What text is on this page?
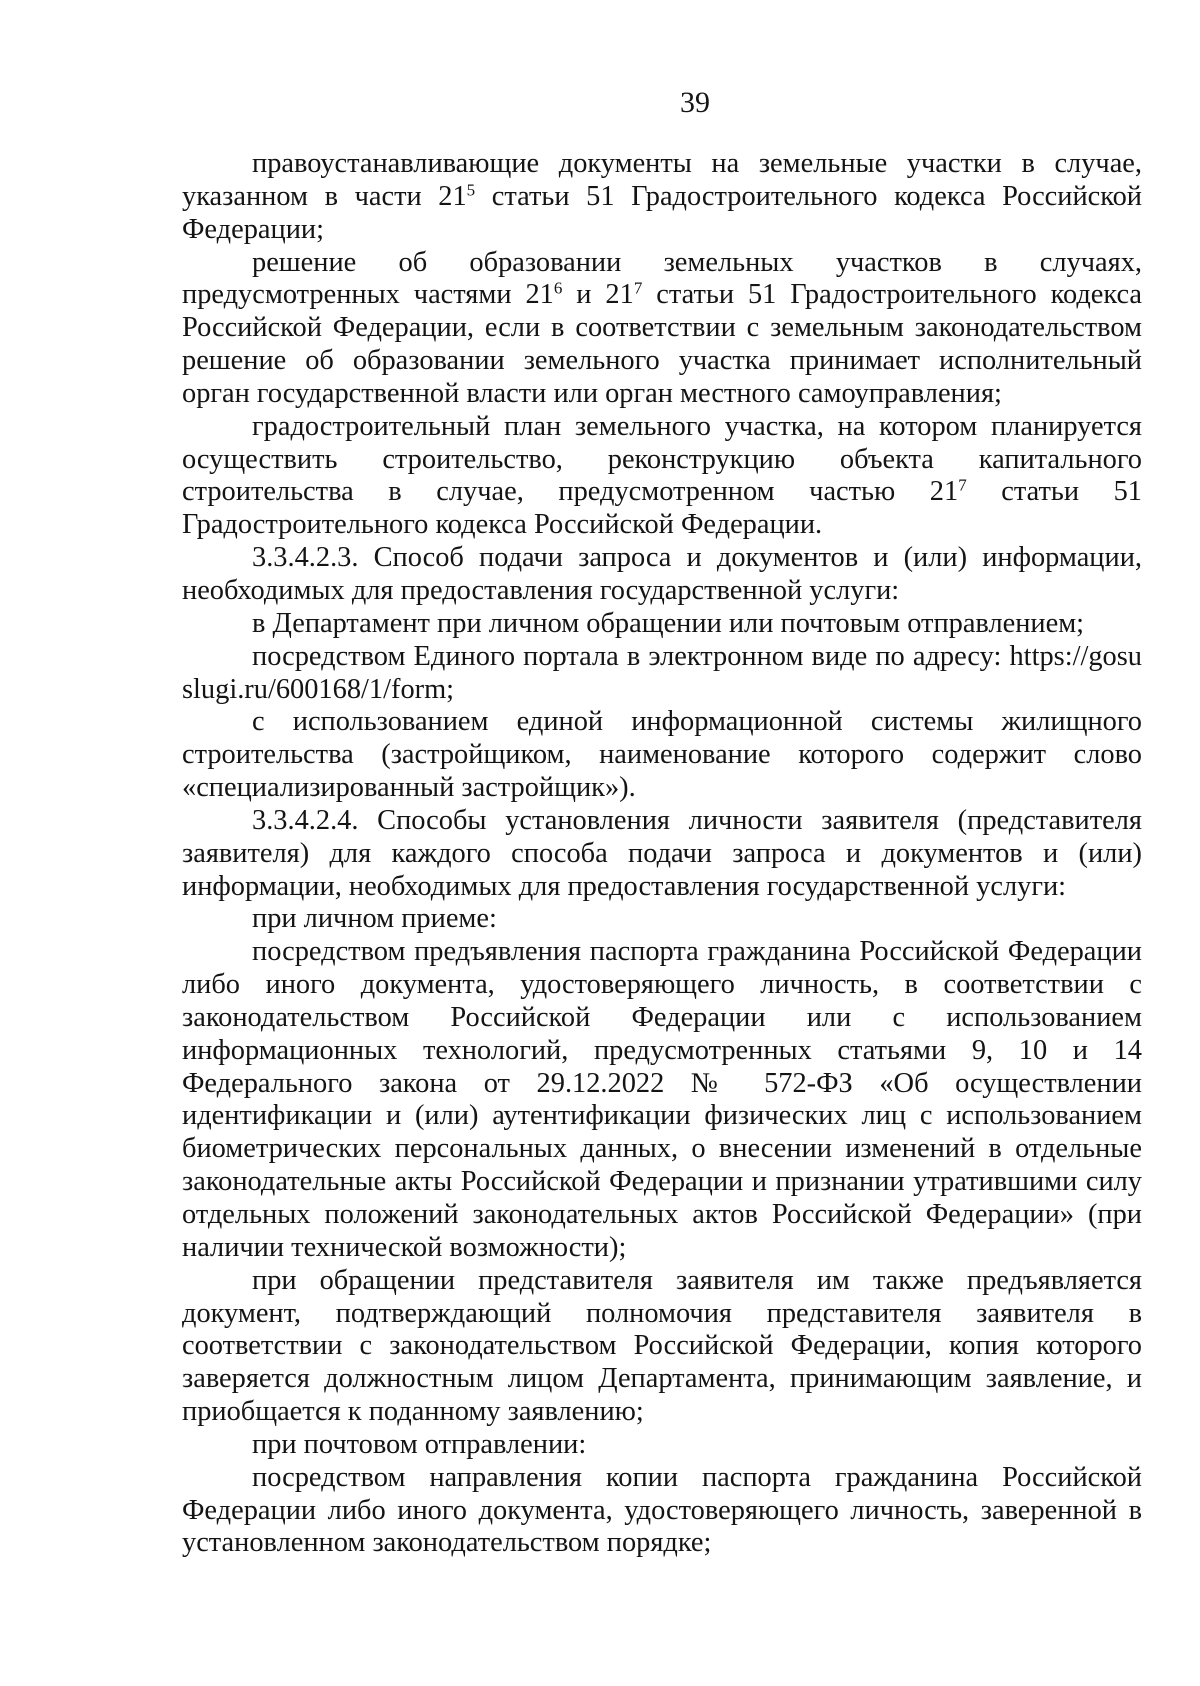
39

правоустанавливающие документы на земельные участки в случае, указанном в части $21^5$ статьи 51 Градостроительного кодекса Российской Федерации;

решение об образовании земельных участков в случаях, предусмотренных частями $21^6$ и $21^7$ статьи 51 Градостроительного кодекса Российской Федерации, если в соответствии с земельным законодательством решение об образовании земельного участка принимает исполнительный орган государственной власти или орган местного самоуправления;

градостроительный план земельного участка, на котором планируется осуществить строительство, реконструкцию объекта капитального строительства в случае, предусмотренном частью $21^7$ статьи 51 Градостроительного кодекса Российской Федерации.

3.3.4.2.3. Способ подачи запроса и документов и (или) информации, необходимых для предоставления государственной услуги:

в Департамент при личном обращении или почтовым отправлением;

посредством Единого портала в электронном виде по адресу: https://gosuslugi.ru/600168/1/form;

с использованием единой информационной системы жилищного строительства (застройщиком, наименование которого содержит слово «специализированный застройщик»).

3.3.4.2.4. Способы установления личности заявителя (представителя заявителя) для каждого способа подачи запроса и документов и (или) информации, необходимых для предоставления государственной услуги:

при личном приеме:

посредством предъявления паспорта гражданина Российской Федерации либо иного документа, удостоверяющего личность, в соответствии с законодательством Российской Федерации или с использованием информационных технологий, предусмотренных статьями 9, 10 и 14 Федерального закона от 29.12.2022 № 572-ФЗ «Об осуществлении идентификации и (или) аутентификации физических лиц с использованием биометрических персональных данных, о внесении изменений в отдельные законодательные акты Российской Федерации и признании утратившими силу отдельных положений законодательных актов Российской Федерации» (при наличии технической возможности);

при обращении представителя заявителя им также предъявляется документ, подтверждающий полномочия представителя заявителя в соответствии с законодательством Российской Федерации, копия которого заверяется должностным лицом Департамента, принимающим заявление, и приобщается к поданному заявлению;

при почтовом отправлении:

посредством направления копии паспорта гражданина Российской Федерации либо иного документа, удостоверяющего личность, заверенной в установленном законодательством порядке;
